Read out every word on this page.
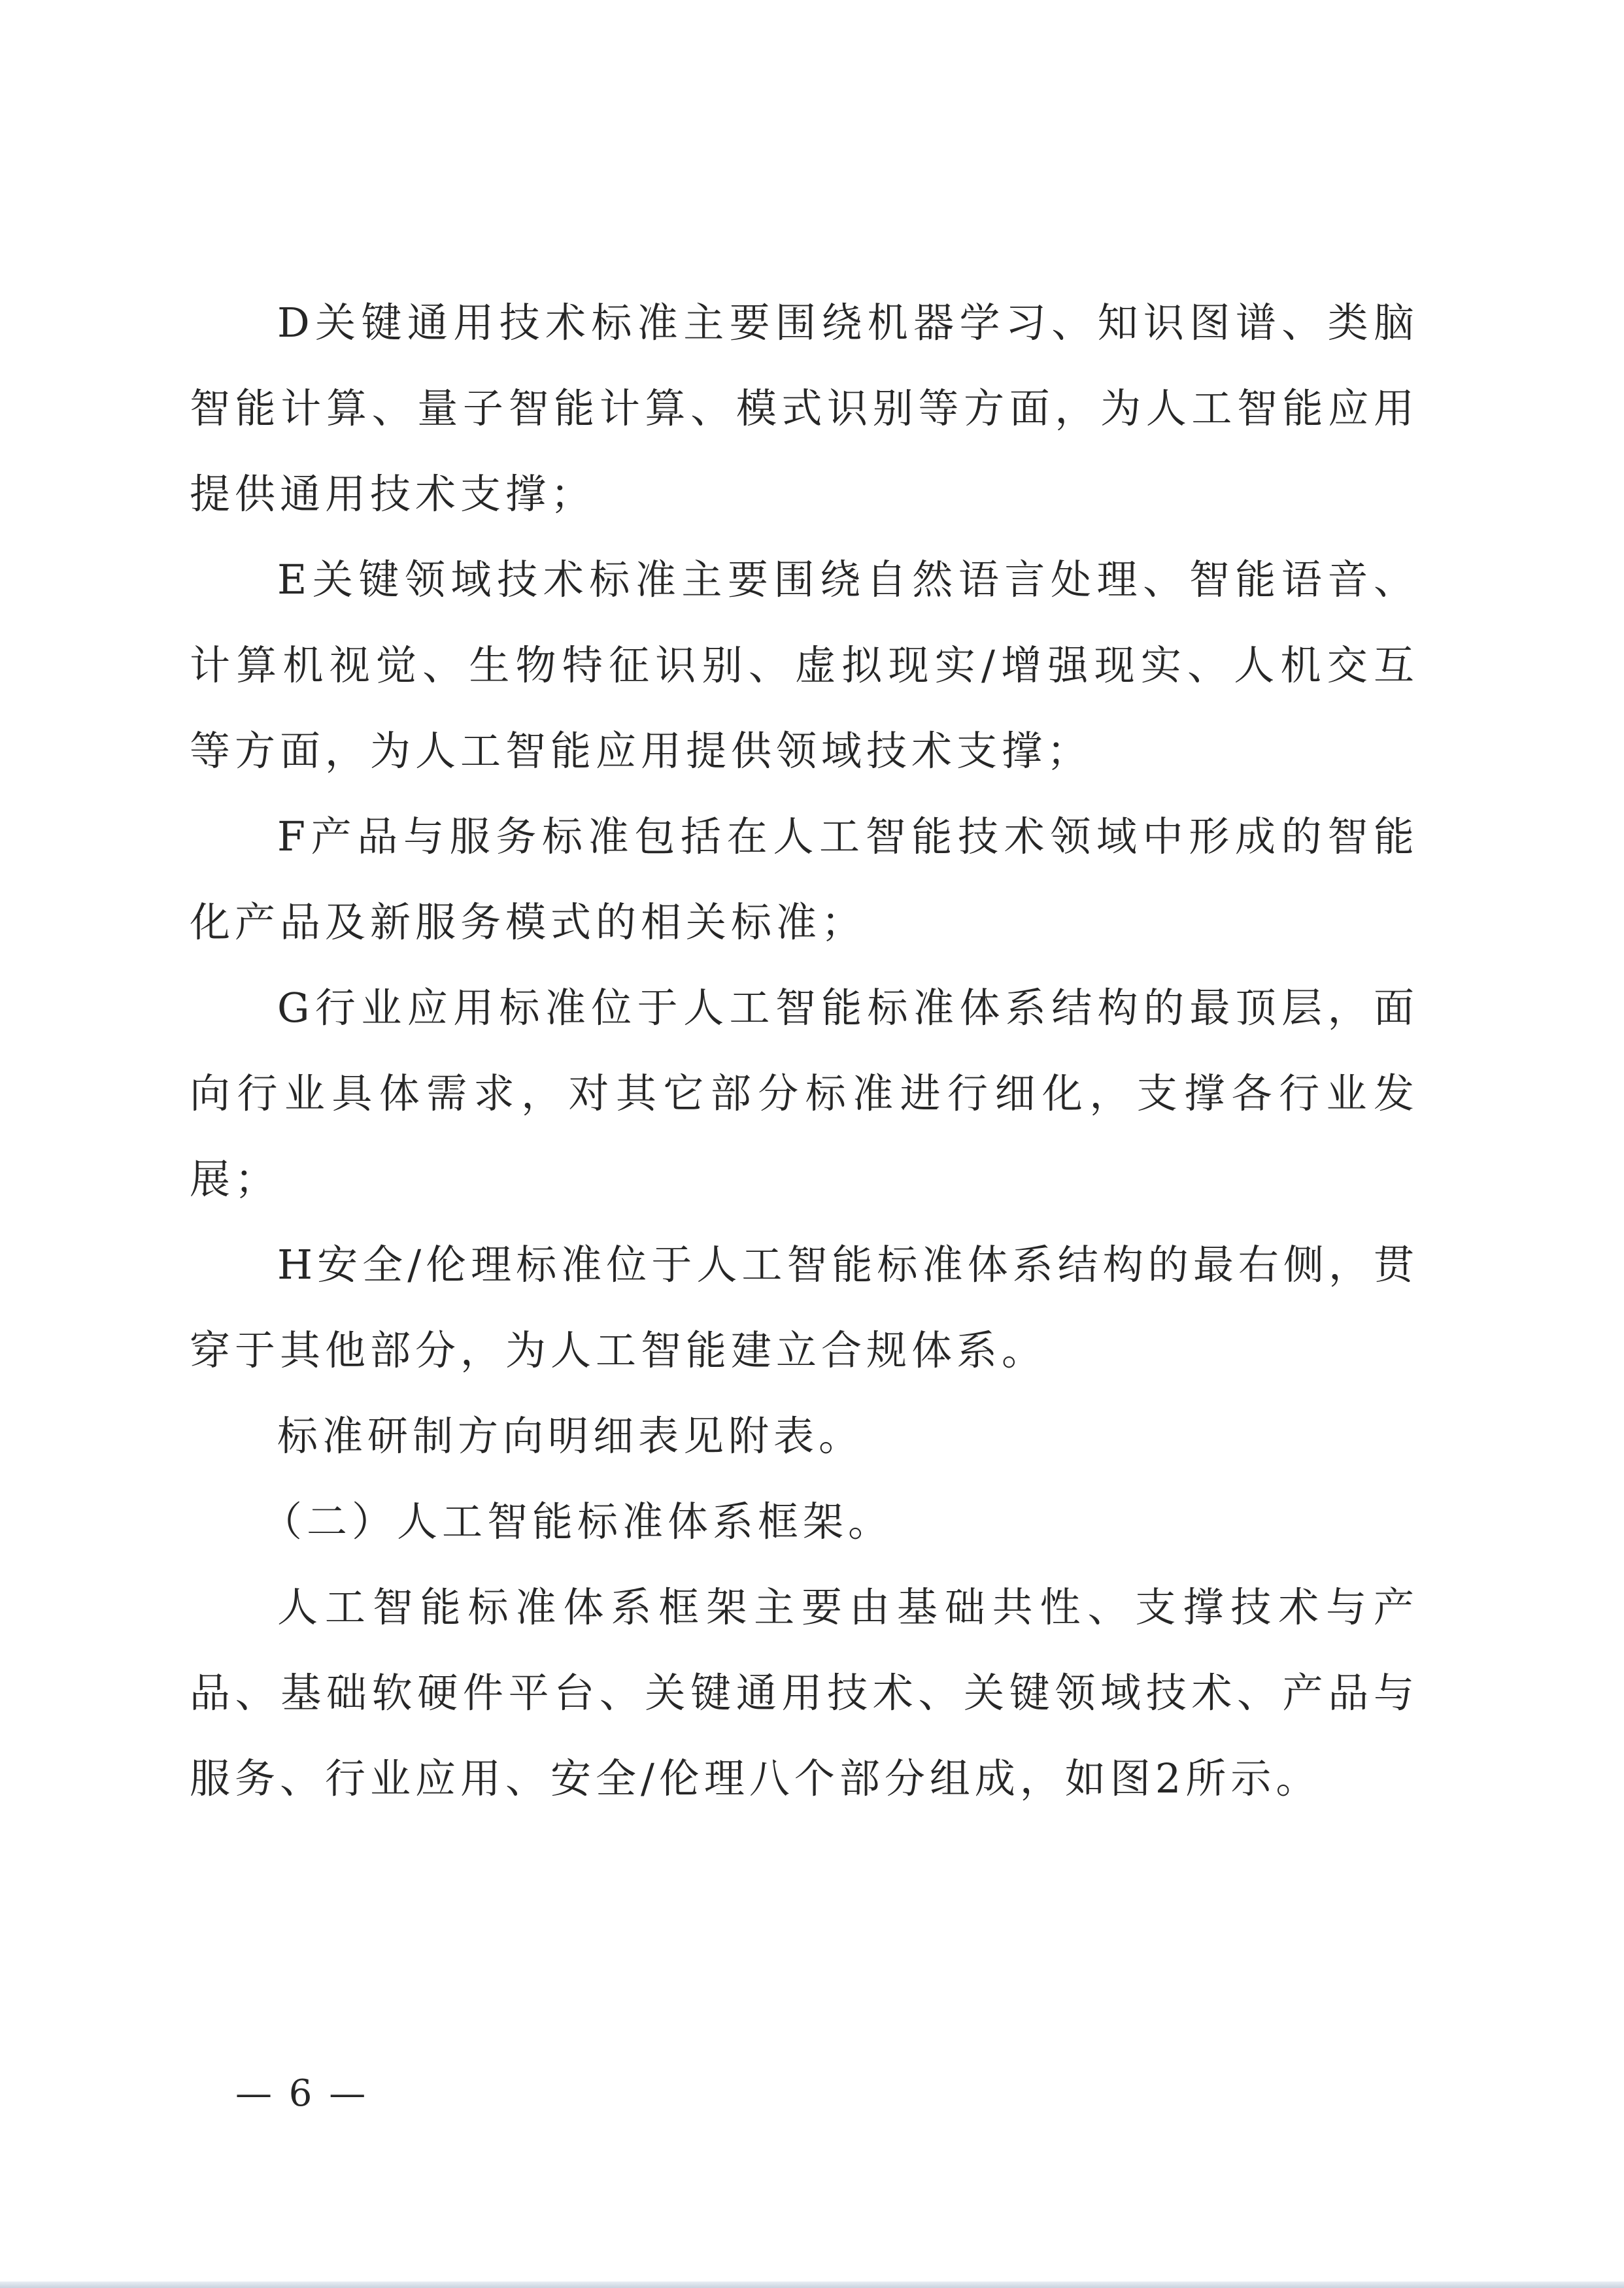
D关键通用技术标准主要围绕机器学习、知识图谱、类脑智能计算、量子智能计算、模式识别等方面，为人工智能应用提供通用技术支撑；

E关键领域技术标准主要围绕自然语言处理、智能语音、计算机视觉、生物特征识别、虚拟现实/增强现实、人机交互等方面，为人工智能应用提供领域技术支撑；

F产品与服务标准包括在人工智能技术领域中形成的智能化产品及新服务模式的相关标准；

G行业应用标准位于人工智能标准体系结构的最顶层，面向行业具体需求，对其它部分标准进行细化，支撑各行业发展；

H安全/伦理标准位于人工智能标准体系结构的最右侧，贯穿于其他部分，为人工智能建立合规体系。

标准研制方向明细表见附表。

（二）人工智能标准体系框架。

人工智能标准体系框架主要由基础共性、支撑技术与产品、基础软硬件平台、关键通用技术、关键领域技术、产品与服务、行业应用、安全/伦理八个部分组成，如图2所示。

— 6 —
